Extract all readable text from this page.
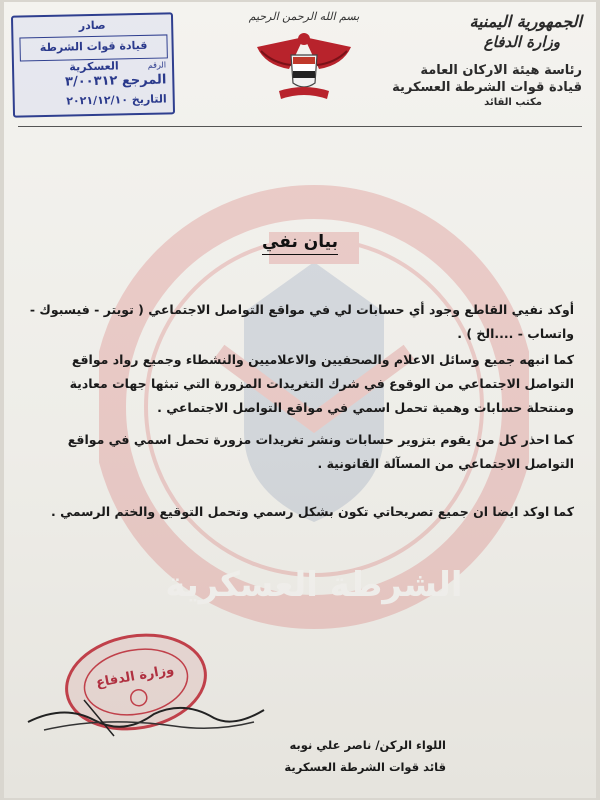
الشرطة العسكرية
الجمهورية اليمنية
وزارة الدفاع
رئاسة هيئة الاركان العامة
قيادة قوات الشرطة العسكرية
مكتب القائد
بسم الله الرحمن الرحيم
صادر
قيادة قوات الشرطة العسكرية	الرقم
المرجع ٣/٠٠٣١٢
التاريخ ٢٠٢١/١٢/١٠
بيان نفي
أوكد نفيي القاطع وجود أي حسابات لي في مواقع التواصل الاجتماعي ( تويتر - فيسبوك - واتساب - ....الخ ) .
كما انبهه جميع وسائل الاعلام والصحفيين والاعلاميين والنشطاء وجميع رواد مواقع التواصل الاجتماعي من الوقوع في شرك التغريدات المزورة التي تبثها جهات معادية ومنتحلة حسابات وهمية تحمل اسمي في مواقع التواصل الاجتماعي .
كما احذر كل من يقوم بتزوير حسابات ونشر تغريدات مزورة تحمل اسمي في مواقع التواصل الاجتماعي من المسآلة القانونية .
كما اوكد ايضا ان جميع تصريحاتي تكون بشكل رسمي وتحمل التوقيع والختم الرسمي .
وزارة الدفاع
اللواء الركن/ ناصر علي نوبه
قائد قوات الشرطة العسكرية
